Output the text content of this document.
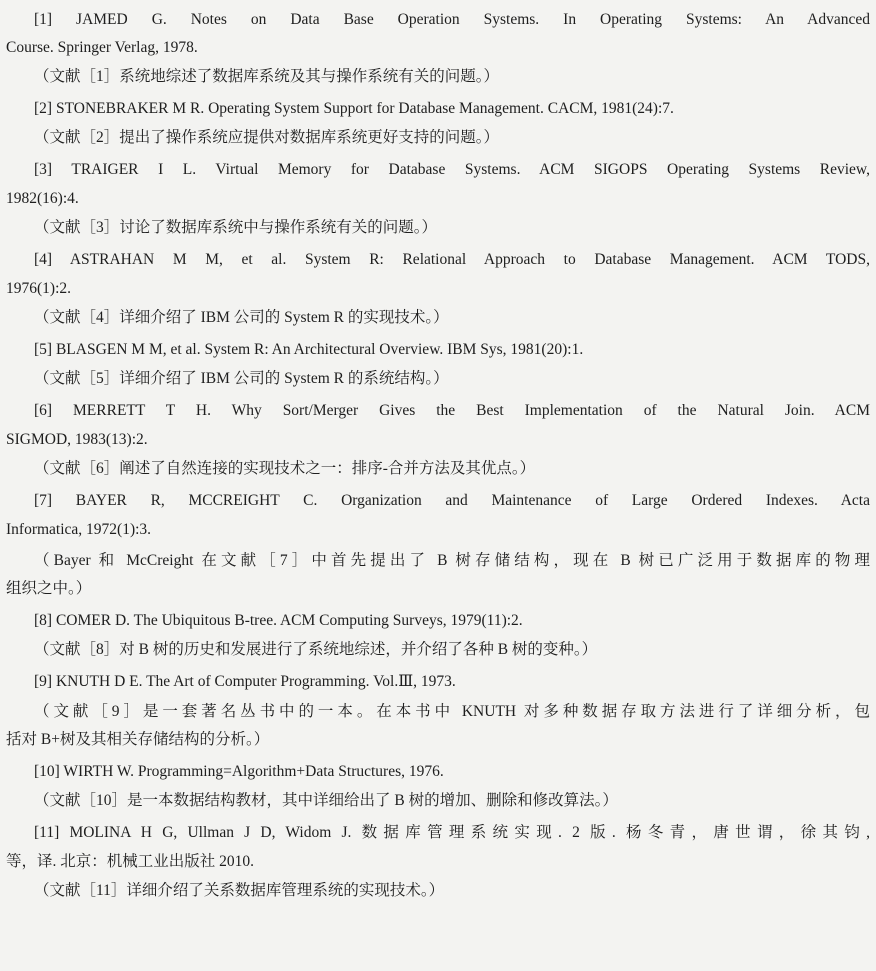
[1] JAMED G. Notes on Data Base Operation Systems. In Operating Systems: An Advanced
Course. Springer Verlag, 1978.
（文献［1］系统地综述了数据库系统及其与操作系统有关的问题。）
[2] STONEBRAKER M R. Operating System Support for Database Management. CACM, 1981(24):7.
（文献［2］提出了操作系统应提供对数据库系统更好支持的问题。）
[3] TRAIGER I L. Virtual Memory for Database Systems. ACM SIGOPS Operating Systems Review,
1982(16):4.
（文献［3］讨论了数据库系统中与操作系统有关的问题。）
[4] ASTRAHAN M M, et al. System R: Relational Approach to Database Management. ACM TODS,
1976(1):2.
（文献［4］详细介绍了 IBM 公司的 System R 的实现技术。）
[5] BLASGEN M M, et al. System R: An Architectural Overview. IBM Sys, 1981(20):1.
（文献［5］详细介绍了 IBM 公司的 System R 的系统结构。）
[6] MERRETT T H. Why Sort/Merger Gives the Best Implementation of the Natural Join. ACM
SIGMOD, 1983(13):2.
（文献［6］阐述了自然连接的实现技术之一：排序-合并方法及其优点。）
[7] BAYER R, MCCREIGHT C. Organization and Maintenance of Large Ordered Indexes. Acta
Informatica, 1972(1):3.
（Bayer 和 McCreight 在文献［7］中首先提出了 B 树存储结构，现在 B 树已广泛用于数据库的物理
组织之中。）
[8] COMER D. The Ubiquitous B-tree. ACM Computing Surveys, 1979(11):2.
（文献［8］对 B 树的历史和发展进行了系统地综述，并介绍了各种 B 树的变种。）
[9] KNUTH D E. The Art of Computer Programming. Vol.Ⅲ, 1973.
（文献［9］是一套著名丛书中的一本。在本书中 KNUTH 对多种数据存取方法进行了详细分析，包
括对 B+树及其相关存储结构的分析。）
[10] WIRTH W. Programming=Algorithm+Data Structures, 1976.
（文献［10］是一本数据结构教材，其中详细给出了 B 树的增加、删除和修改算法。）
[11] MOLINA H G, Ullman J D, Widom J. 数据库管理系统实现. 2 版. 杨冬青，唐世谓，徐其钧,
等，译. 北京：机械工业出版社 2010.
（文献［11］详细介绍了关系数据库管理系统的实现技术。）
